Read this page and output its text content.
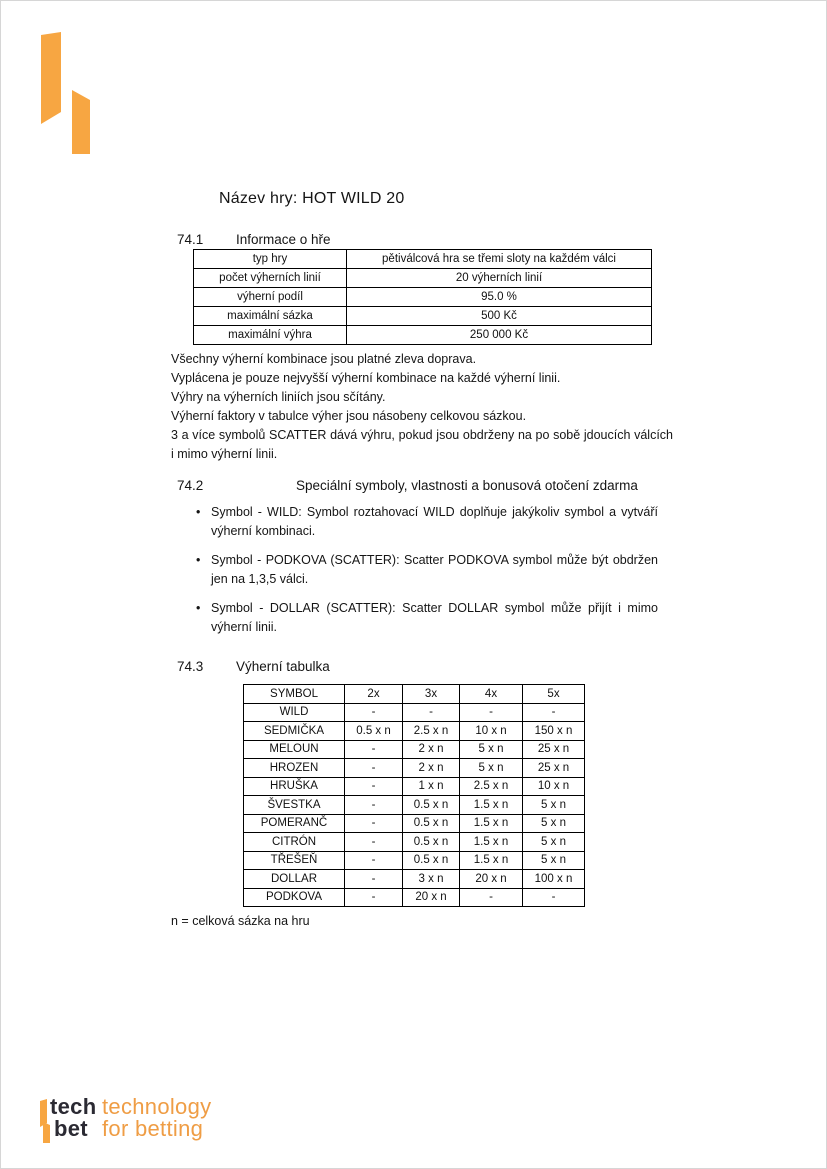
Název hry: HOT WILD 20
74.1 Informace o hře
typ hry	pětiválcová hra se třemi sloty na každém válci
počet výherních linií	20 výherních linií
výherní podíl	95.0 %
maximální sázka	500 Kč
maximální výhra	250 000 Kč
Všechny výherní kombinace jsou platné zleva doprava.
Vyplácena je pouze nejvyšší výherní kombinace na každé výherní linii.
Výhry na výherních liniích jsou sčítány.
Výherní faktory v tabulce výher jsou násobeny celkovou sázkou.
3 a více symbolů SCATTER dává výhru, pokud jsou obdrženy na po sobě jdoucích válcích i mimo výherní linii.
74.2	Speciální symboly, vlastnosti a bonusová otočení zdarma
• Symbol - WILD: Symbol roztahovací WILD doplňuje jakýkoliv symbol a vytváří výherní kombinaci.
• Symbol - PODKOVA (SCATTER): Scatter PODKOVA symbol může být obdržen jen na 1,3,5 válci.
• Symbol - DOLLAR (SCATTER): Scatter DOLLAR symbol může přijít i mimo výherní linii.
74.3 Výherní tabulka
SYMBOL	2x	3x	4x	5x
WILD	-	-	-	-
SEDMIČKA	0.5 x n	2.5 x n	10 x n	150 x n
MELOUN	-	2 x n	5 x n	25 x n
HROZEN	-	2 x n	5 x n	25 x n
HRUŠKA	-	1 x n	2.5 x n	10 x n
ŠVESTKA	-	0.5 x n	1.5 x n	5 x n
POMERANČ	-	0.5 x n	1.5 x n	5 x n
CITRÓN	-	0.5 x n	1.5 x n	5 x n
TŘEŠEŇ	-	0.5 x n	1.5 x n	5 x n
DOLLAR	-	3 x n	20 x n	100 x n
PODKOVA	-	20 x n	-	-
n = celková sázka na hru
tech technology
bet for betting
